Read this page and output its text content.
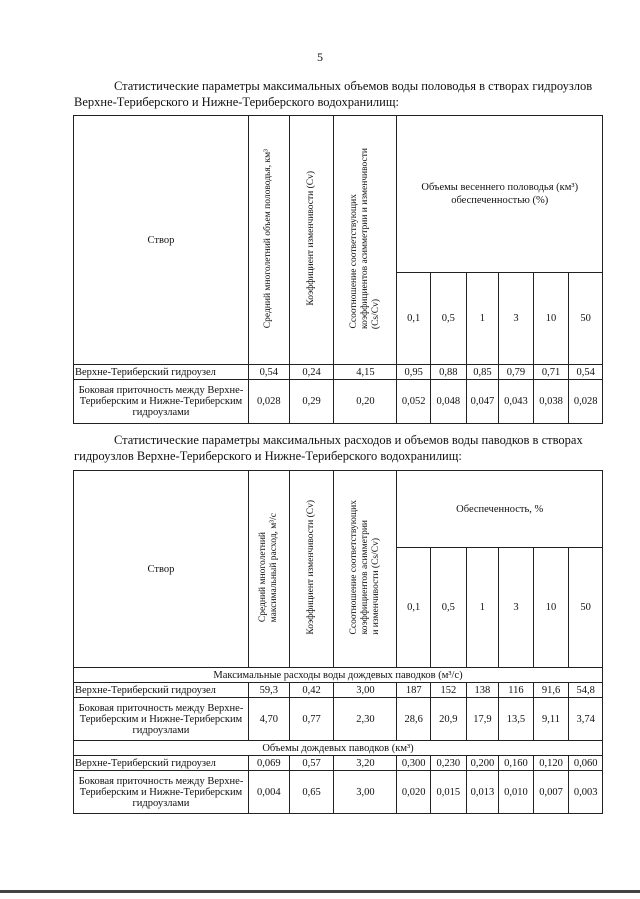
5
Статистические параметры максимальных объемов воды половодья в створах гидроузлов Верхне-Териберского и Нижне-Териберского водохранилищ:
Створ	Средний многолетний объем половодья, км³	Коэффициент изменчивости (Cv)	Ссоотношение соответствующихкоэффициентов асимметрии и изменчивости(Cs/Cv)	Объемы весеннего половодья (км³)
обеспеченностью (%)					

				0,1	0,5	1	3	10	50
Верхне-Териберский гидроузел	0,54	0,24	4,15	0,95	0,88	0,85	0,79	0,71	0,54
Боковая приточность между Верхне-Териберским и Нижне-Териберским гидроузлами	0,028	0,29	0,20	0,052	0,048	0,047	0,043	0,038	0,028
Статистические параметры максимальных расходов и объемов воды паводков в створах гидроузлов Верхне-Териберского и Нижне-Териберского водохранилищ:
Створ	Средний многолетниймаксимальный расход, м³/с	Коэффициент изменчивости (Cv)	Ссоотношение соответствующихкоэффициентов асимметриии изменчивости (Cs/Cv)	Обеспеченность, %					
				0,1	0,5	1	3	10	50
Максимальные расходы воды дождевых паводков (м³/с)									
Верхне-Териберский гидроузел	59,3	0,42	3,00	187	152	138	116	91,6	54,8
Боковая приточность между Верхне-Териберским и Нижне-Териберским гидроузлами	4,70	0,77	2,30	28,6	20,9	17,9	13,5	9,11	3,74
Объемы дождевых паводков (км³)									
Верхне-Териберский гидроузел	0,069	0,57	3,20	0,300	0,230	0,200	0,160	0,120	0,060
Боковая приточность между Верхне-Териберским и Нижне-Териберским гидроузлами	0,004	0,65	3,00	0,020	0,015	0,013	0,010	0,007	0,003
